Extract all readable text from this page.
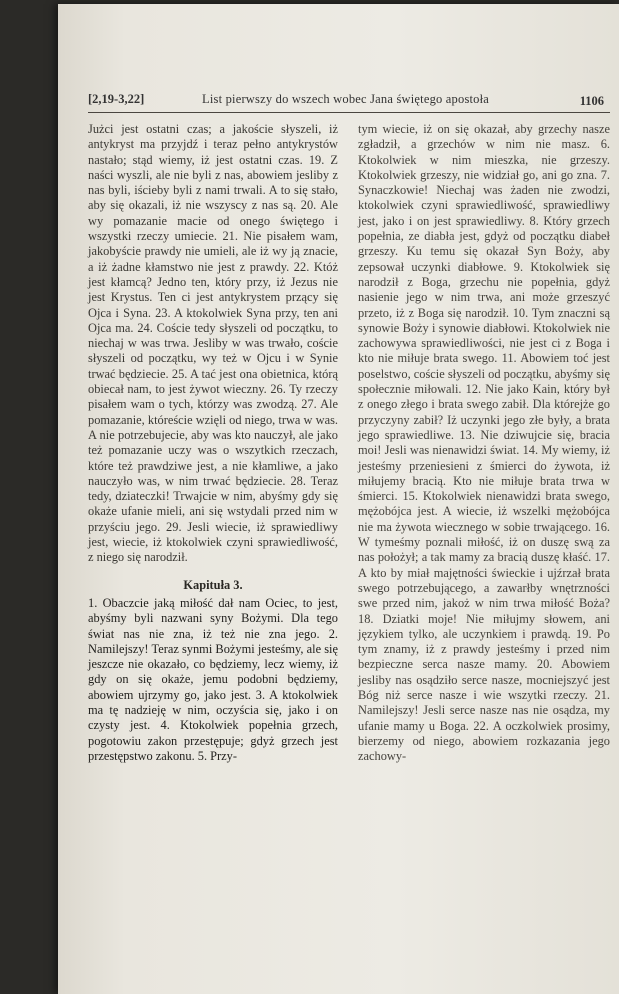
[2,19-3,22]	List pierwszy do wszech wobec Jana świętego apostoła	1106

Jużci jest ostatni czas; a jakoście słyszeli, iż antykryst ma przyjdź i teraz pełno antykrystów nastało; stąd wiemy, iż jest ostatni czas. 19. Z naści wyszli, ale nie byli z nas, abowiem jesliby z nas byli, iścieby byli z nami trwali. A to się stało, aby się okazali, iż nie wszyscy z nas są. 20. Ale wy pomazanie macie od onego świętego i wszystki rzeczy umiecie. 21. Nie pisałem wam, jakobyście prawdy nie umieli, ale iż wy ją znacie, a iż żadne kłamstwo nie jest z prawdy. 22. Któż jest kłamcą? Jedno ten, który przy, iż Jezus nie jest Krystus. Ten ci jest antykrystem przący się Ojca i Syna. 23. A ktokolwiek Syna przy, ten ani Ojca ma. 24. Coście tedy słyszeli od początku, to niechaj w was trwa. Jesliby w was trwało, coście słyszeli od początku, wy też w Ojcu i w Synie trwać będziecie. 25. A tać jest ona obietnica, którą obiecał nam, to jest żywot wieczny. 26. Ty rzeczy pisałem wam o tych, którzy was zwodzą. 27. Ale pomazanie, któreście wzięli od niego, trwa w was. A nie potrzebujecie, aby was kto nauczył, ale jako też pomazanie uczy was o wszytkich rzeczach, które też prawdziwe jest, a nie kłamliwe, a jako nauczyło was, w nim trwać będziecie. 28. Teraz tedy, dziateczki! Trwajcie w nim, abyśmy gdy się okaże ufanie mieli, ani się wstydali przed nim w przyściu jego. 29. Jesli wiecie, iż sprawiedliwy jest, wiecie, iż ktokolwiek czyni sprawiedliwość, z niego się narodził.

Kapituła 3.

1. Obaczcie jaką miłość dał nam Ociec, to jest, abyśmy byli nazwani syny Bożymi. Dla tego świat nas nie zna, iż też nie zna jego. 2. Namilejszy! Teraz synmi Bożymi jesteśmy, ale się jeszcze nie okazało, co będziemy, lecz wiemy, iż gdy on się okaże, jemu podobni będziemy, abowiem ujrzymy go, jako jest. 3. A ktokolwiek ma tę nadzieję w nim, oczyścia się, jako i on czysty jest. 4. Ktokolwiek popełnia grzech, pogotowiu zakon przestępuje; gdyż grzech jest przestępstwo zakonu. 5. Przy-

tym wiecie, iż on się okazał, aby grzechy nasze zgładził, a grzechów w nim nie masz. 6. Ktokolwiek w nim mieszka, nie grzeszy. Ktokolwiek grzeszy, nie widział go, ani go zna. 7. Synaczkowie! Niechaj was żaden nie zwodzi, ktokolwiek czyni sprawiedliwość, sprawiedliwy jest, jako i on jest sprawiedliwy. 8. Który grzech popełnia, ze diabła jest, gdyż od początku diabeł grzeszy. Ku temu się okazał Syn Boży, aby zepsował uczynki diabłowe. 9. Ktokolwiek się narodził z Boga, grzechu nie popełnia, gdyż nasienie jego w nim trwa, ani może grzeszyć przeto, iż z Boga się narodził. 10. Tym znaczni są synowie Boży i synowie diabłowi. Ktokolwiek nie zachowywa sprawiedliwości, nie jest ci z Boga i kto nie miłuje brata swego. 11. Abowiem toć jest poselstwo, coście słyszeli od początku, abyśmy się społecznie miłowali. 12. Nie jako Kain, który był z onego złego i brata swego zabił. Dla którejże go przyczyny zabił? Iż uczynki jego złe były, a brata jego sprawiedliwe. 13. Nie dziwujcie się, bracia moi! Jesli was nienawidzi świat. 14. My wiemy, iż jesteśmy przeniesieni z śmierci do żywota, iż miłujemy bracią. Kto nie miłuje brata trwa w śmierci. 15. Ktokolwiek nienawidzi brata swego, mężobójca jest. A wiecie, iż wszelki mężobójca nie ma żywota wiecznego w sobie trwającego. 16. W tymeśmy poznali miłość, iż on duszę swą za nas położył; a tak mamy za bracią duszę kłaść. 17. A kto by miał majętności świeckie i ujźrzał brata swego potrzebującego, a zawarłby wnętrzności swe przed nim, jakoż w nim trwa miłość Boża? 18. Dziatki moje! Nie miłujmy słowem, ani językiem tylko, ale uczynkiem i prawdą. 19. Po tym znamy, iż z prawdy jesteśmy i przed nim bezpieczne serca nasze mamy. 20. Abowiem jesliby nas osądziło serce nasze, mocniejszyć jest Bóg niż serce nasze i wie wszytki rzeczy. 21. Namilejszy! Jesli serce nasze nas nie osądza, my ufanie mamy u Boga. 22. A oczkolwiek prosimy, bierzemy od niego, abowiem rozkazania jego zachowy-
